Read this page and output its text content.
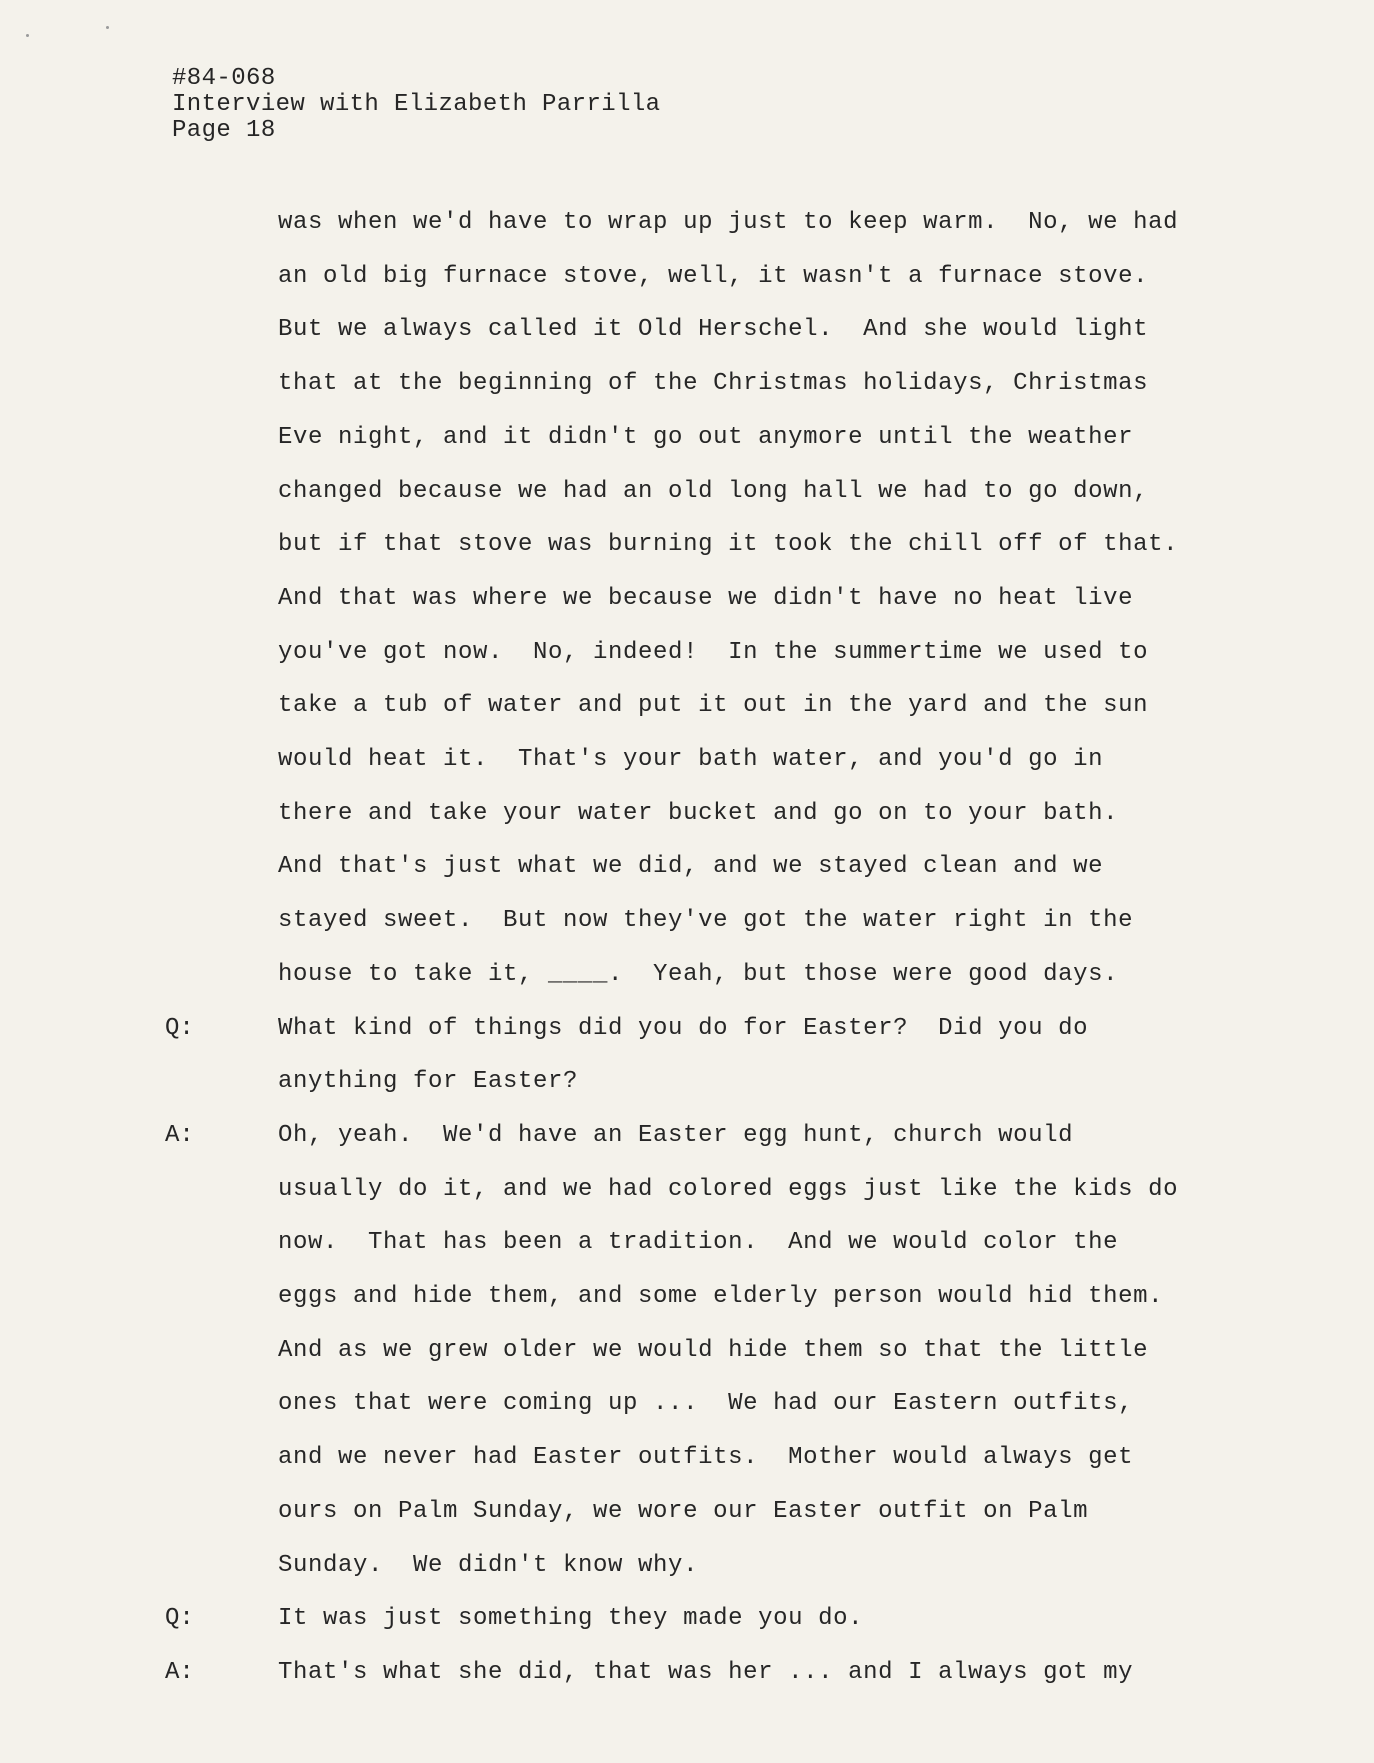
#84-068
Interview with Elizabeth Parrilla
Page 18
was when we'd have to wrap up just to keep warm.  No, we had
an old big furnace stove, well, it wasn't a furnace stove.
But we always called it Old Herschel.  And she would light
that at the beginning of the Christmas holidays, Christmas
Eve night, and it didn't go out anymore until the weather
changed because we had an old long hall we had to go down,
but if that stove was burning it took the chill off of that.
And that was where we because we didn't have no heat live
you've got now.  No, indeed!  In the summertime we used to
take a tub of water and put it out in the yard and the sun
would heat it.  That's your bath water, and you'd go in
there and take your water bucket and go on to your bath.
And that's just what we did, and we stayed clean and we
stayed sweet.  But now they've got the water right in the
house to take it, ____.  Yeah, but those were good days.
Q:	What kind of things did you do for Easter?  Did you do
anything for Easter?
A:	Oh, yeah.  We'd have an Easter egg hunt, church would
usually do it, and we had colored eggs just like the kids do
now.  That has been a tradition.  And we would color the
eggs and hide them, and some elderly person would hid them.
And as we grew older we would hide them so that the little
ones that were coming up ...  We had our Eastern outfits,
and we never had Easter outfits.  Mother would always get
ours on Palm Sunday, we wore our Easter outfit on Palm
Sunday.  We didn't know why.
Q:	It was just something they made you do.
A:	That's what she did, that was her ... and I always got my
